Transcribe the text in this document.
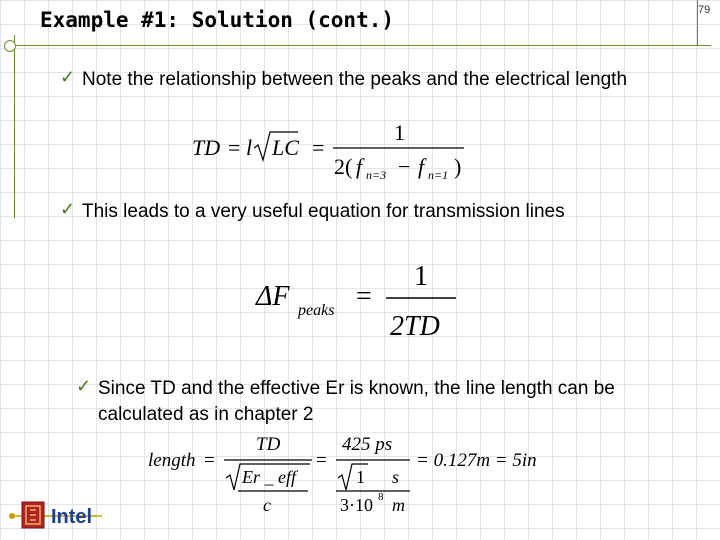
Example #1: Solution (cont.)	79
✓ Note the relationship between the peaks and the electrical length
TD = l LC =
1
2( f n=3 − f n=1 )
✓ This leads to a very useful equation for transmission lines
ΔF peaks =
1
2TD
✓ Since TD and the effective Er is known, the line length can be calculated as in chapter 2
length =
TD
Er _ eff
c
=
425 ps
1 s
3·10 8 m
= 0.127m = 5in
Intel
